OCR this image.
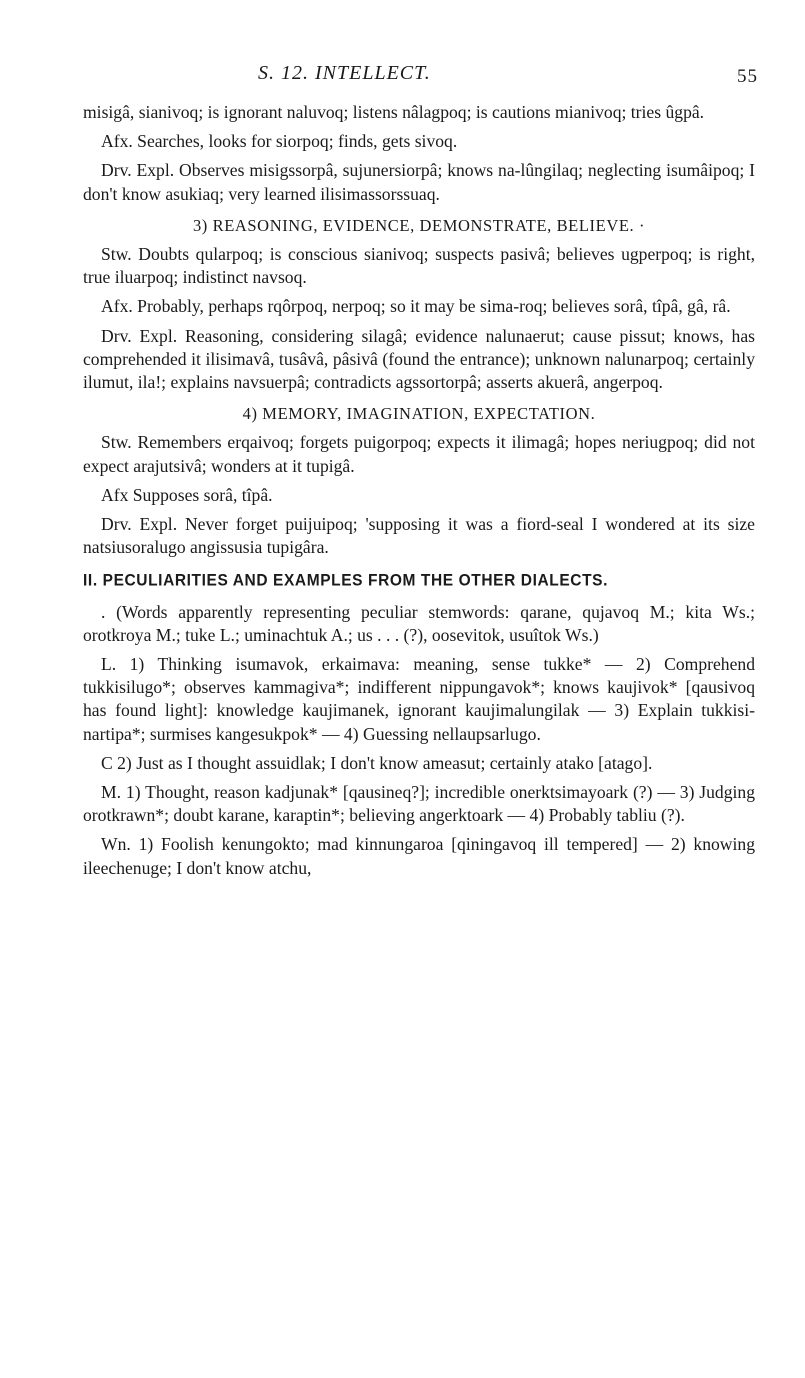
S. 12. INTELLECT.	55

misigâ, sianivoq; is ignorant naluvoq; listens nâlagpoq; is cautions mianivoq; tries ûgpâ.

Afx. Searches, looks for siorpoq; finds, gets sivoq.

Drv. Expl. Observes misigssorpâ, sujunersiorpâ; knows na-lûngilaq; neglecting isumâipoq; I don't know asukiaq; very learned ilisimassorssuaq.

3) REASONING, EVIDENCE, DEMONSTRATE, BELIEVE. ·

Stw. Doubts qularpoq; is conscious sianivoq; suspects pasivâ; believes ugperpoq; is right, true iluarpoq; indistinct navsoq.

Afx. Probably, perhaps rqôrpoq, nerpoq; so it may be sima-roq; believes sorâ, tîpâ, gâ, râ.

Drv. Expl. Reasoning, considering silagâ; evidence nalunaerut; cause pissut; knows, has comprehended it ilisimavâ, tusâvâ, pâsivâ (found the entrance); unknown nalunarpoq; certainly ilumut, ila!; explains navsuerpâ; contradicts agssortorpâ; asserts akuerâ, angerpoq.

4) MEMORY, IMAGINATION, EXPECTATION.

Stw. Remembers erqaivoq; forgets puigorpoq; expects it ilimagâ; hopes neriugpoq; did not expect arajutsivâ; wonders at it tupigâ.

Afx Supposes sorâ, tîpâ.

Drv. Expl. Never forget puijuipoq; 'supposing it was a fiord-seal I wondered at its size natsiusoralugo angissusia tupigâra.

II. PECULIARITIES AND EXAMPLES FROM THE OTHER DIALECTS.

. (Words apparently representing peculiar stemwords: qarane, qujavoq M.; kita Ws.; orotkroya M.; tuke L.; uminachtuk A.; us . . . (?), oosevitok, usuîtok Ws.)

L. 1) Thinking isumavok, erkaimava: meaning, sense tukke* — 2) Comprehend tukkisilugo*; observes kammagiva*; indifferent nippungavok*; knows kaujivok* [qausivoq has found light]: knowledge kaujimanek, ignorant kaujimalungilak — 3) Explain tukkisi-nartipa*; surmises kangesukpok* — 4) Guessing nellaupsarlugo.

C 2) Just as I thought assuidlak; I don't know ameasut; certainly atako [atago].

M. 1) Thought, reason kadjunak* [qausineq?]; incredible onerktsimayoark (?) — 3) Judging orotkrawn*; doubt karane, karaptin*; believing angerktoark — 4) Probably tabliu (?).

Wn. 1) Foolish kenungokto; mad kinnungaroa [qiningavoq ill tempered] — 2) knowing ileechenuge; I don't know atchu,
